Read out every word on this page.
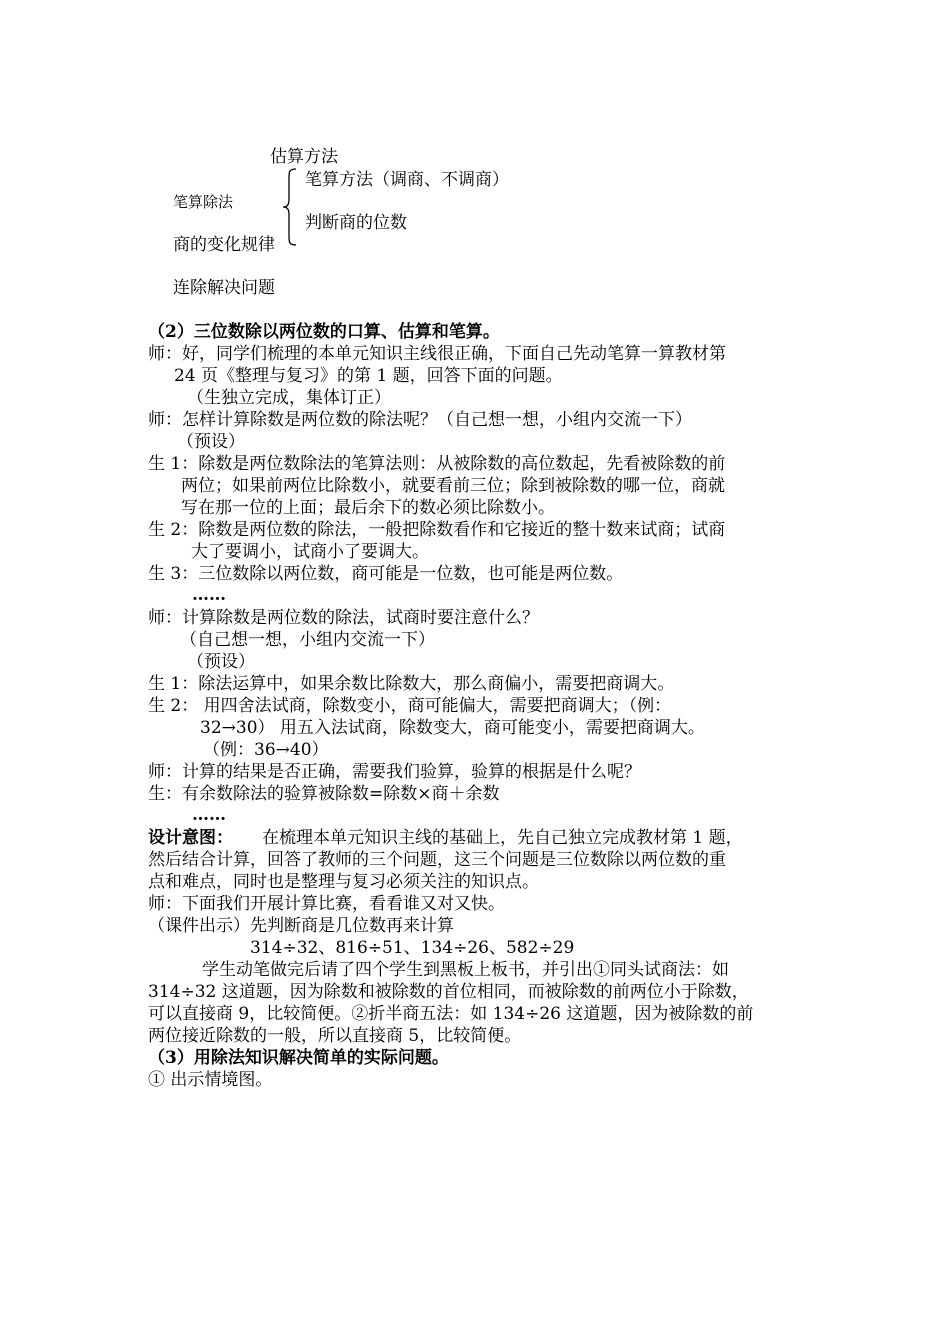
估算方法
笔算除法
笔算方法（调商、不调商）
判断商的位数
商的变化规律
连除解决问题
（2）三位数除以两位数的口算、估算和笔算。
师：好，同学们梳理的本单元知识主线很正确，下面自己先动笔算一算教材第
24 页《整理与复习》的第 1 题，回答下面的问题。
（生独立完成，集体订正）
师：怎样计算除数是两位数的除法呢？（自己想一想，小组内交流一下）
（预设）
生 1：除数是两位数除法的笔算法则：从被除数的高位数起，先看被除数的前
两位；如果前两位比除数小，就要看前三位；除到被除数的哪一位，商就
写在那一位的上面；最后余下的数必须比除数小。
生 2：除数是两位数的除法，一般把除数看作和它接近的整十数来试商；试商
大了要调小，试商小了要调大。
生 3：三位数除以两位数，商可能是一位数，也可能是两位数。
……
师：计算除数是两位数的除法，试商时要注意什么？
（自己想一想，小组内交流一下）
（预设）
生 1：除法运算中，如果余数比除数大，那么商偏小，需要把商调大。
生 2： 用四舍法试商，除数变小，商可能偏大，需要把商调大；（例：
32→30） 用五入法试商，除数变大，商可能变小，需要把商调大。
（例：36→40）
师：计算的结果是否正确，需要我们验算，验算的根据是什么呢？
生：有余数除法的验算被除数=除数×商＋余数
……
设计意图： 在梳理本单元知识主线的基础上，先自己独立完成教材第 1 题，
然后结合计算，回答了教师的三个问题，这三个问题是三位数除以两位数的重
点和难点，同时也是整理与复习必须关注的知识点。
师：下面我们开展计算比赛，看看谁又对又快。
（课件出示）先判断商是几位数再来计算
314÷32、816÷51、134÷26、582÷29
学生动笔做完后请了四个学生到黑板上板书，并引出①同头试商法：如
314÷32 这道题，因为除数和被除数的首位相同，而被除数的前两位小于除数，
可以直接商 9，比较简便。②折半商五法：如 134÷26 这道题，因为被除数的前
两位接近除数的一般，所以直接商 5，比较简便。
（3）用除法知识解决简单的实际问题。
① 出示情境图。
